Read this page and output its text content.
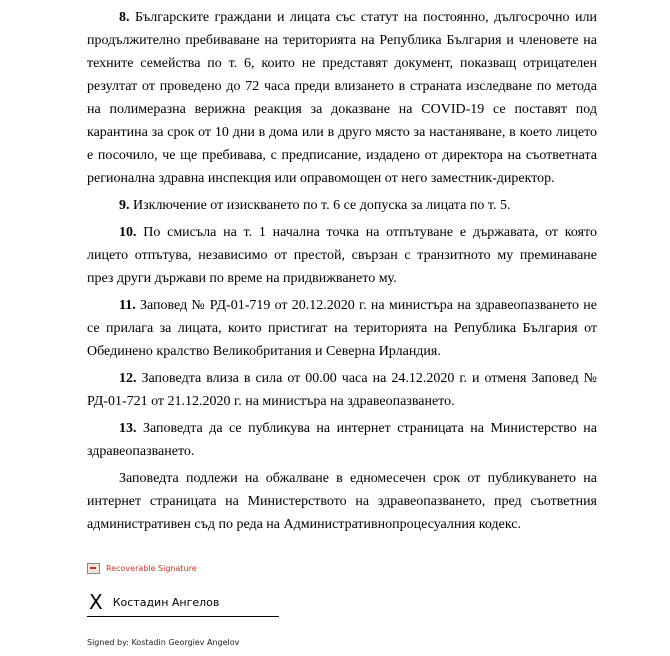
8. Българските граждани и лицата със статут на постоянно, дългосрочно или продължително пребиваване на територията на Република България и членовете на техните семейства по т. 6, които не представят документ, показващ отрицателен резултат от проведено до 72 часа преди влизането в страната изследване по метода на полимеразна верижна реакция за доказване на COVID-19 се поставят под карантина за срок от 10 дни в дома или в друго място за настаняване, в което лицето е посочило, че ще пребивава, с предписание, издадено от директора на съответната регионална здравна инспекция или оправомощен от него заместник-директор.

9. Изключение от изискването по т. 6 се допуска за лицата по т. 5.

10. По смисъла на т. 1 начална точка на отпътуване е държавата, от която лицето отпътува, независимо от престой, свързан с транзитното му преминаване през други държави по време на придвижването му.

11. Заповед № РД-01-719 от 20.12.2020 г. на министъра на здравеопазването не се прилага за лицата, които пристигат на територията на Република България от Обединено кралство Великобритания и Северна Ирландия.

12. Заповедта влиза в сила от 00.00 часа на 24.12.2020 г. и отменя Заповед № РД-01-721 от 21.12.2020 г. на министъра на здравеопазването.

13. Заповедта да се публикува на интернет страницата на Министерство на здравеопазването.

Заповедта подлежи на обжалване в едномесечен срок от публикуването на интернет страницата на Министерството на здравеопазването, пред съответния административен съд по реда на Административнопроцесуалния кодекс.

Recoverable Signature
X Костадин Ангелов
Signed by: Kostadin Georgiev Angelov
